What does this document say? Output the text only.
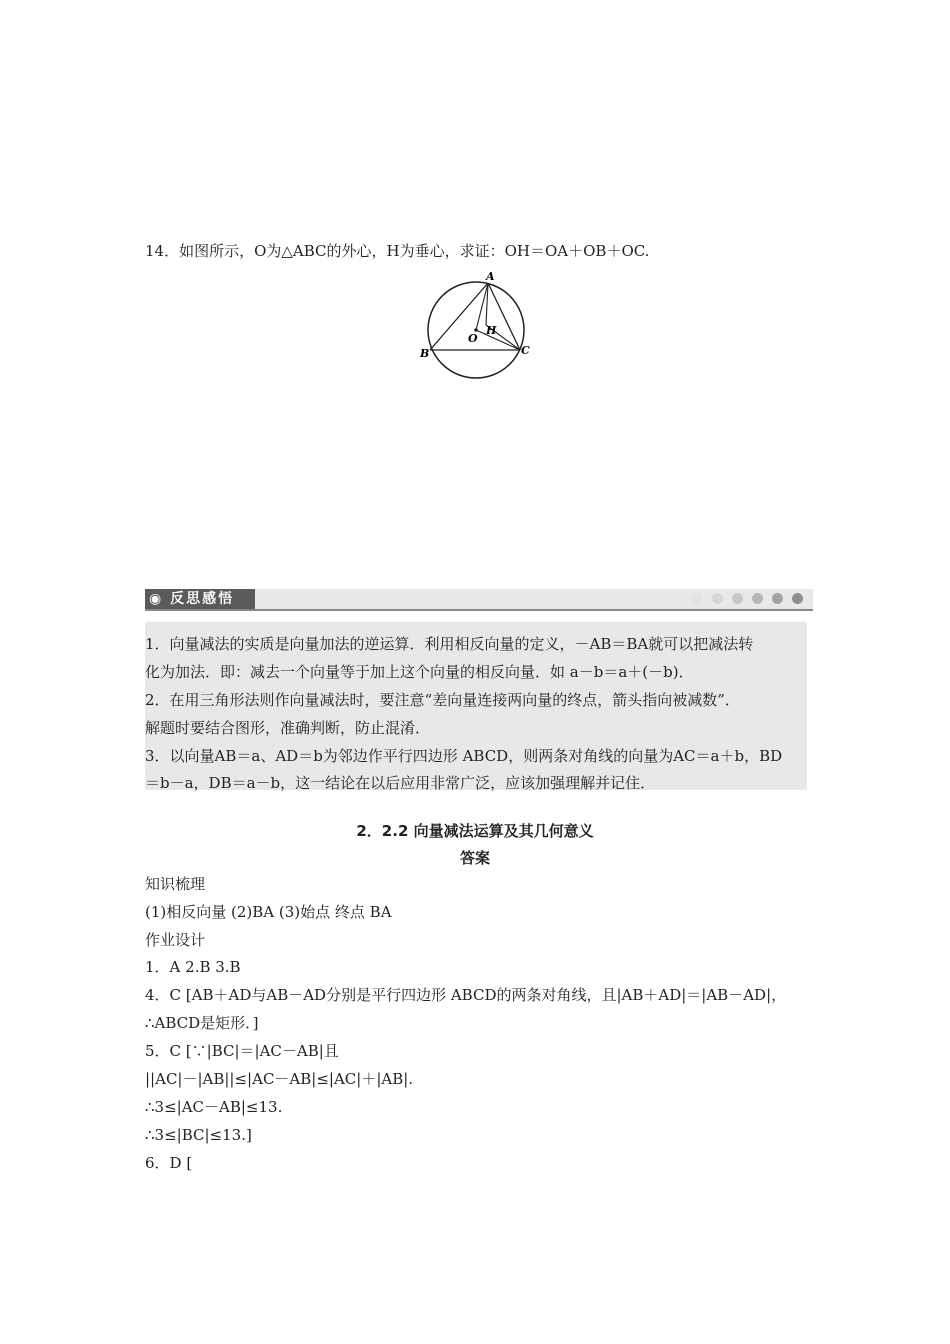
14．如图所示，O为△ABC的外心，H为垂心，求证：OH＝OA＋OB＋OC.
A
B	C
O
H
◉ 反思感悟
1．向量减法的实质是向量加法的逆运算．利用相反向量的定义，－AB＝BA就可以把减法转
化为加法．即：减去一个向量等于加上这个向量的相反向量．如 a－b＝a＋(－b)．
2．在用三角形法则作向量减法时，要注意“差向量连接两向量的终点，箭头指向被减数”．
解题时要结合图形，准确判断，防止混淆．
3．以向量AB＝a、AD＝b为邻边作平行四边形 ABCD，则两条对角线的向量为AC＝a＋b，BD
＝b－a，DB＝a－b，这一结论在以后应用非常广泛，应该加强理解并记住．
2．2.2 向量减法运算及其几何意义
答案
知识梳理
(1)相反向量 (2)BA (3)始点 终点 BA
作业设计
1．A 2.B 3.B
4．C [AB＋AD与AB－AD分别是平行四边形 ABCD的两条对角线，且|AB＋AD|＝|AB－AD|，
∴ABCD是矩形．]
5．C [∵|BC|＝|AC－AB|且
||AC|－|AB||≤|AC－AB|≤|AC|＋|AB|.
∴3≤|AC－AB|≤13.
∴3≤|BC|≤13.]
6．D [
